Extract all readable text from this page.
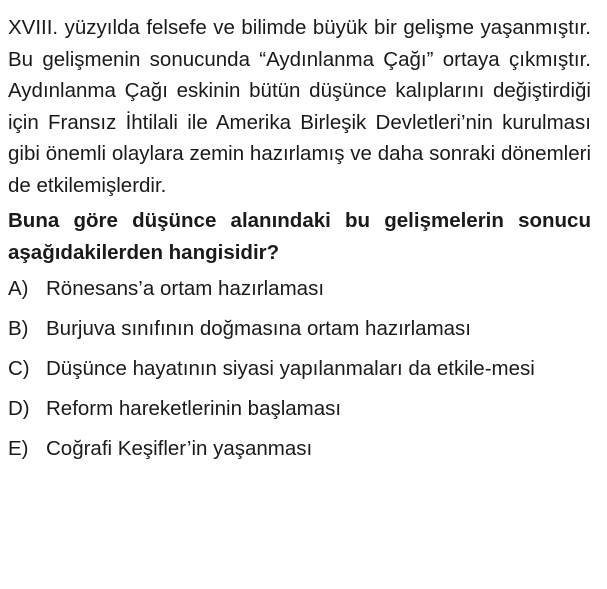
XVIII. yüzyılda felsefe ve bilimde büyük bir gelişme yaşanmıştır. Bu gelişmenin sonucunda “Aydınlanma Çağı” ortaya çıkmıştır. Aydınlanma Çağı eskinin bütün düşünce kalıplarını değiştirdiği için Fransız İhtilali ile Amerika Birleşik Devletleri’nin kurulması gibi önemli olaylara zemin hazırlamış ve daha sonraki dönemleri de etkilemişlerdir.

Buna göre düşünce alanındaki bu gelişmelerin sonucu aşağıdakilerden hangisidir?

A) Rönesans’a ortam hazırlaması
B) Burjuva sınıfının doğmasına ortam hazırlaması
C) Düşünce hayatının siyasi yapılanmaları da etkile-mesi
D) Reform hareketlerinin başlaması
E) Coğrafi Keşifler’in yaşanması
